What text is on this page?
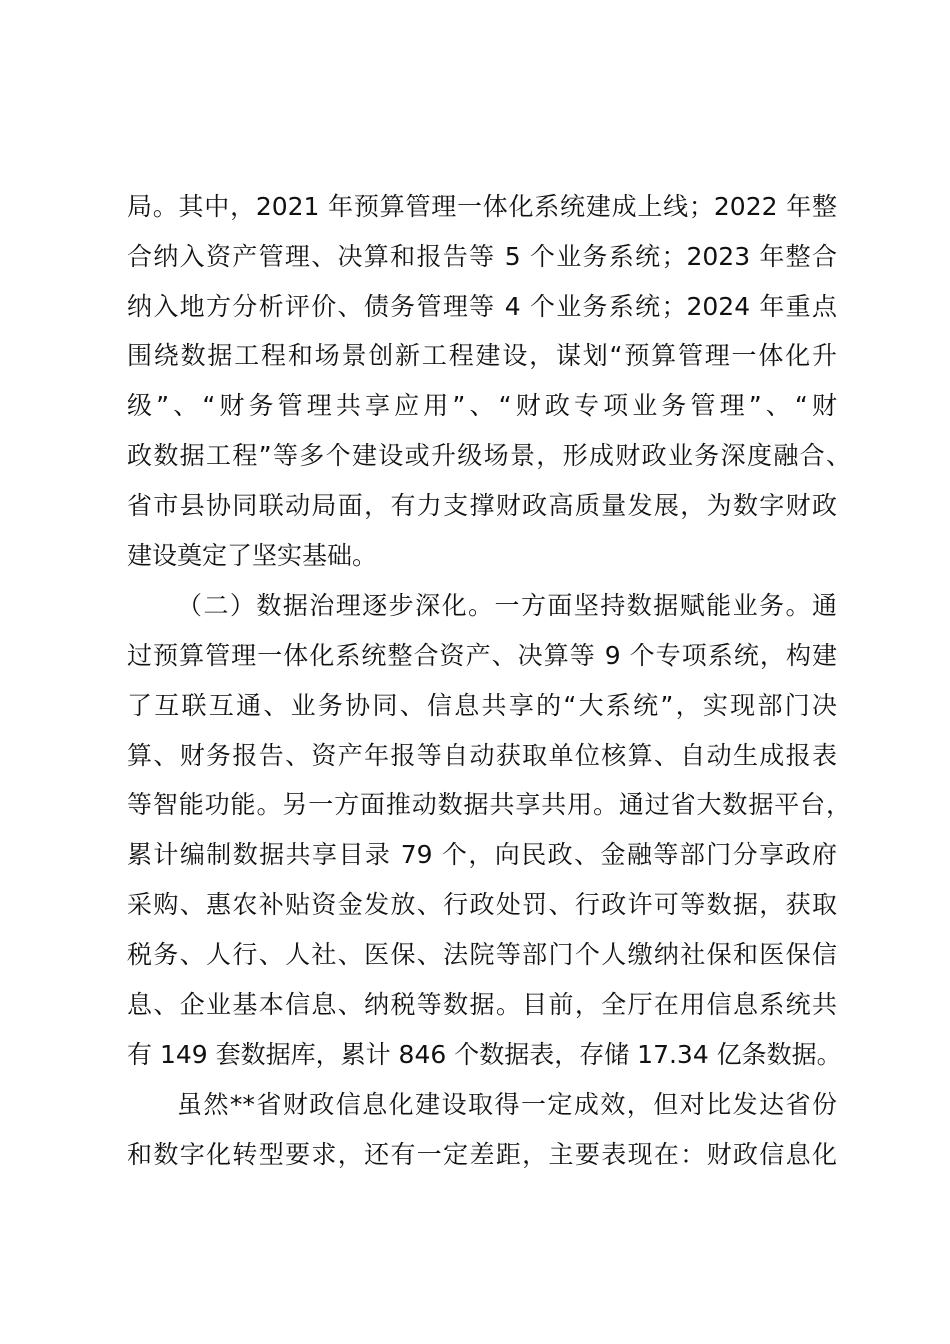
局。其中，2021 年预算管理一体化系统建成上线；2022 年整
合纳入资产管理、决算和报告等 5 个业务系统；2023 年整合
纳入地方分析评价、债务管理等 4 个业务系统；2024 年重点
围绕数据工程和场景创新工程建设，谋划“预算管理一体化升
级”、“财务管理共享应用”、“财政专项业务管理”、“财
政数据工程”等多个建设或升级场景，形成财政业务深度融合、
省市县协同联动局面，有力支撑财政高质量发展，为数字财政
建设奠定了坚实基础。
（二）数据治理逐步深化。一方面坚持数据赋能业务。通
过预算管理一体化系统整合资产、决算等 9 个专项系统，构建
了互联互通、业务协同、信息共享的“大系统”，实现部门决
算、财务报告、资产年报等自动获取单位核算、自动生成报表
等智能功能。另一方面推动数据共享共用。通过省大数据平台，
累计编制数据共享目录 79 个，向民政、金融等部门分享政府
采购、惠农补贴资金发放、行政处罚、行政许可等数据，获取
税务、人行、人社、医保、法院等部门个人缴纳社保和医保信
息、企业基本信息、纳税等数据。目前，全厅在用信息系统共
有 149 套数据库，累计 846 个数据表，存储 17.34 亿条数据。
虽然**省财政信息化建设取得一定成效，但对比发达省份
和数字化转型要求，还有一定差距，主要表现在：财政信息化
